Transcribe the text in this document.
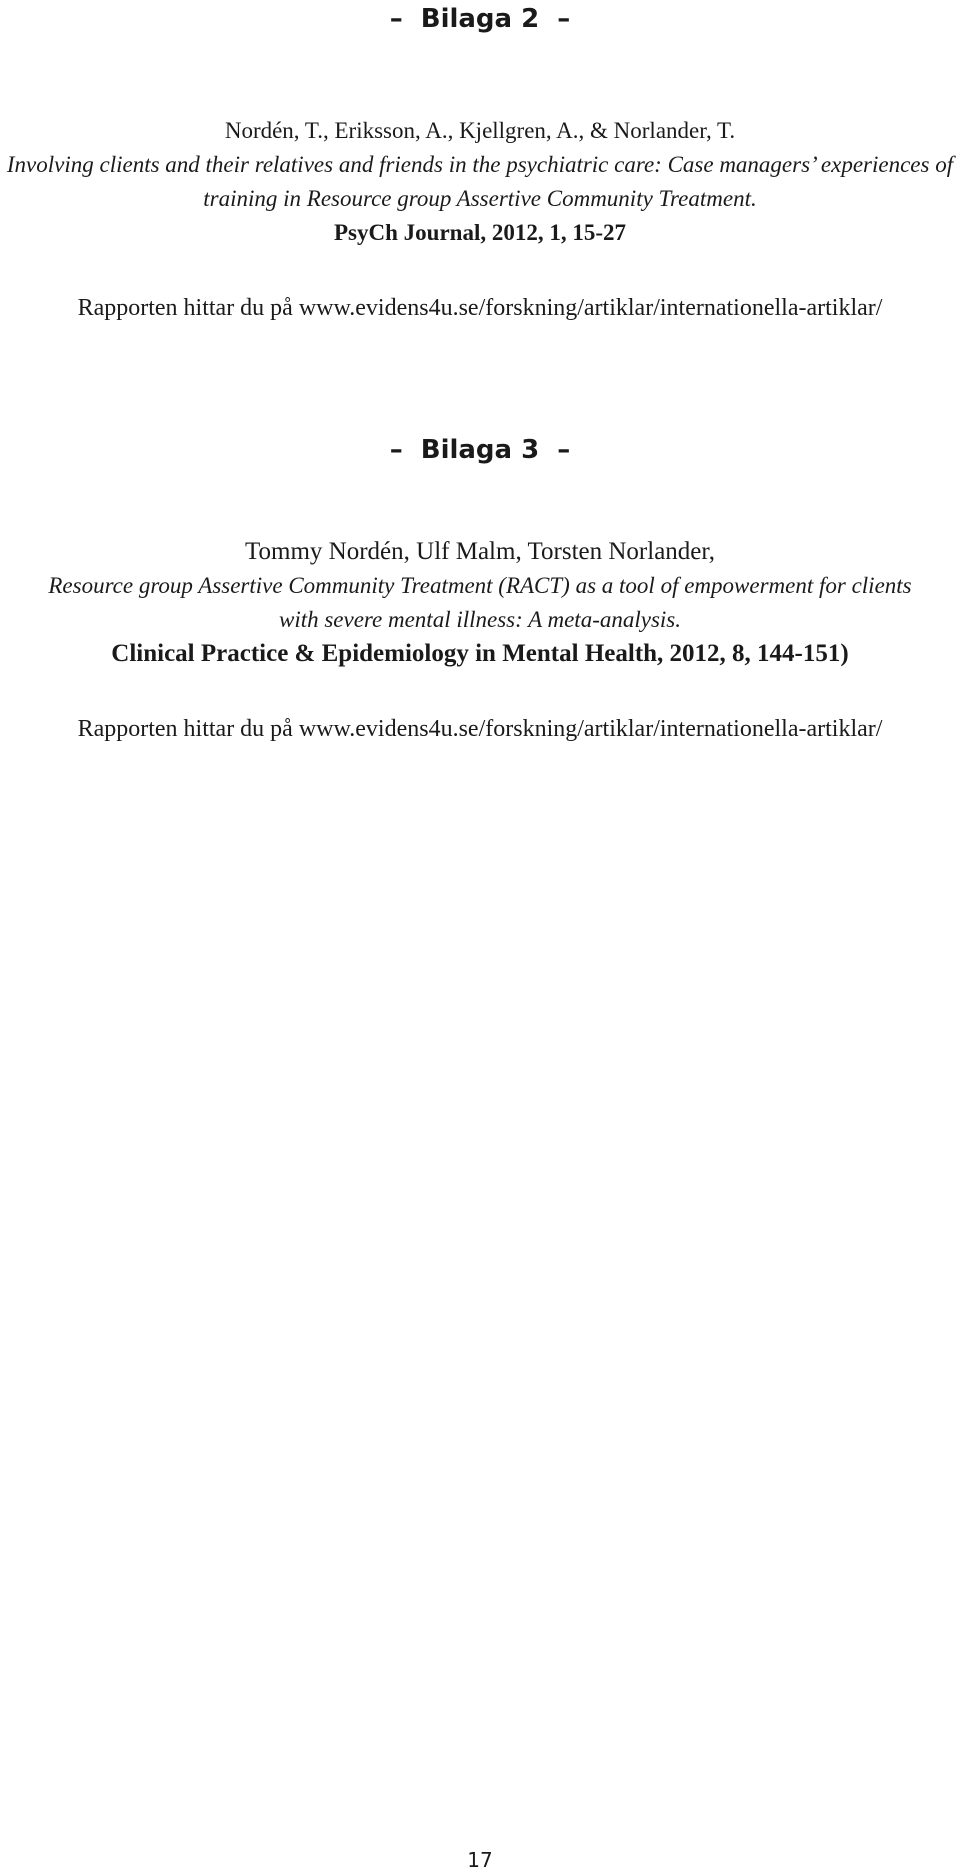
– Bilaga 2 –

Nordén, T., Eriksson, A., Kjellgren, A., & Norlander, T.

Involving clients and their relatives and friends in the psychiatric care: Case managers’ experiences of

training in Resource group Assertive Community Treatment.

PsyCh Journal, 2012, 1, 15-27

Rapporten hittar du på www.evidens4u.se/forskning/artiklar/internationella-artiklar/

– Bilaga 3 –

Tommy Nordén, Ulf Malm, Torsten Norlander,

Resource group Assertive Community Treatment (RACT) as a tool of empowerment for clients

with severe mental illness: A meta-analysis.

Clinical Practice & Epidemiology in Mental Health, 2012, 8, 144-151)

Rapporten hittar du på www.evidens4u.se/forskning/artiklar/internationella-artiklar/

17
